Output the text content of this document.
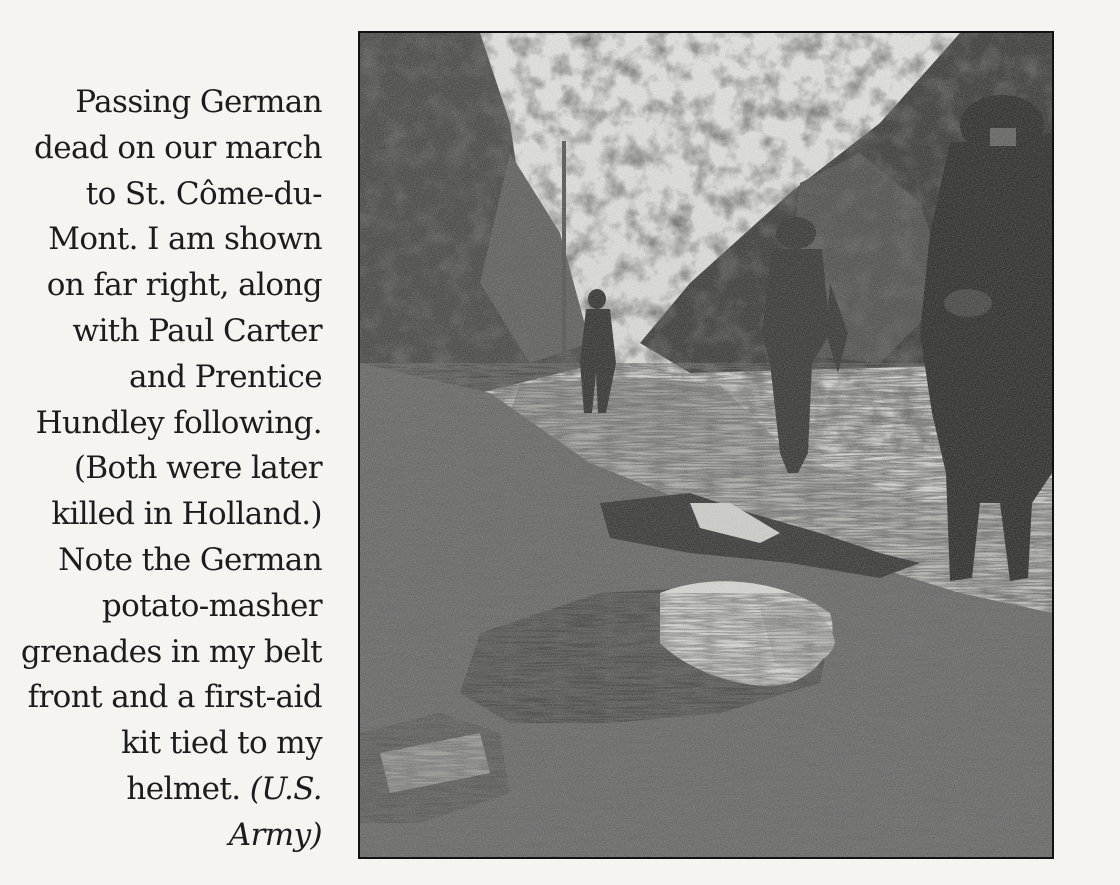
Passing German
dead on our march
to St. Côme-du-
Mont. I am shown
on far right, along
with Paul Carter
and Prentice
Hundley following.
(Both were later
killed in Holland.)
Note the German
potato-masher
grenades in my belt
front and a first-aid
kit tied to my
helmet. (U.S.
Army)
